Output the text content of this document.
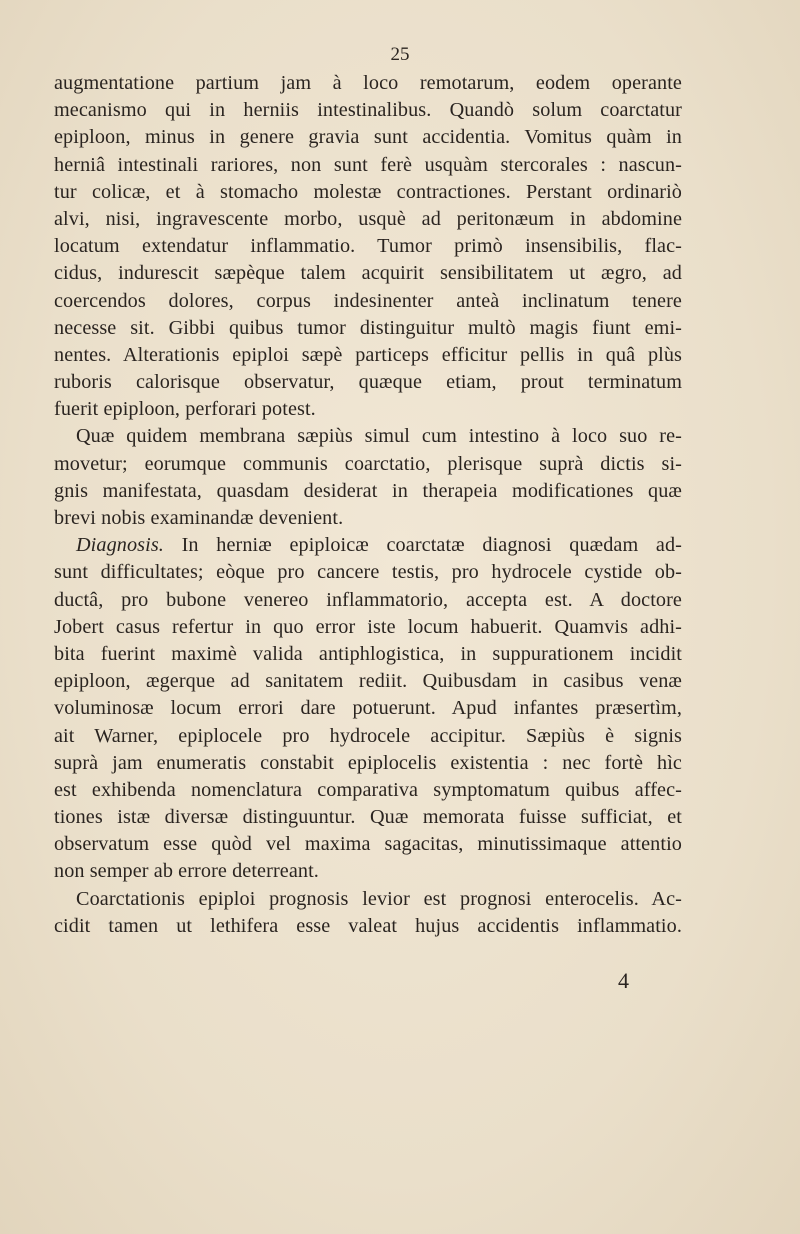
25
augmentatione partium jam à loco remotarum, eodem operante
mecanismo qui in herniis intestinalibus. Quandò solum coarctatur
epiploon, minus in genere gravia sunt accidentia. Vomitus quàm in
herniâ intestinali rariores, non sunt ferè usquàm stercorales : nascun-
tur colicæ, et à stomacho molestæ contractiones. Perstant ordinariò
alvi, nisi, ingravescente morbo, usquè ad peritonæum in abdomine
locatum extendatur inflammatio. Tumor primò insensibilis, flac-
cidus, indurescit sæpèque talem acquirit sensibilitatem ut ægro, ad
coercendos dolores, corpus indesinenter anteà inclinatum tenere
necesse sit. Gibbi quibus tumor distinguitur multò magis fiunt emi-
nentes. Alterationis epiploi sæpè particeps efficitur pellis in quâ plùs
ruboris calorisque observatur, quæque etiam, prout terminatum
fuerit epiploon, perforari potest.
Quæ quidem membrana sæpiùs simul cum intestino à loco suo re-
movetur; eorumque communis coarctatio, plerisque suprà dictis si-
gnis manifestata, quasdam desiderat in therapeia modificationes quæ
brevi nobis examinandæ devenient.
Diagnosis. In herniæ epiploicæ coarctatæ diagnosi quædam ad-
sunt difficultates; eòque pro cancere testis, pro hydrocele cystide ob-
ductâ, pro bubone venereo inflammatorio, accepta est. A doctore
Jobert casus refertur in quo error iste locum habuerit. Quamvis adhi-
bita fuerint maximè valida antiphlogistica, in suppurationem incidit
epiploon, ægerque ad sanitatem rediit. Quibusdam in casibus venæ
voluminosæ locum errori dare potuerunt. Apud infantes præsertìm,
ait Warner, epiplocele pro hydrocele accipitur. Sæpiùs è signis
suprà jam enumeratis constabit epiplocelis existentia : nec fortè hìc
est exhibenda nomenclatura comparativa symptomatum quibus affec-
tiones istæ diversæ distinguuntur. Quæ memorata fuisse sufficiat, et
observatum esse quòd vel maxima sagacitas, minutissimaque attentio
non semper ab errore deterreant.
Coarctationis epiploi prognosis levior est prognosi enterocelis. Ac-
cidit tamen ut lethifera esse valeat hujus accidentis inflammatio.
4
